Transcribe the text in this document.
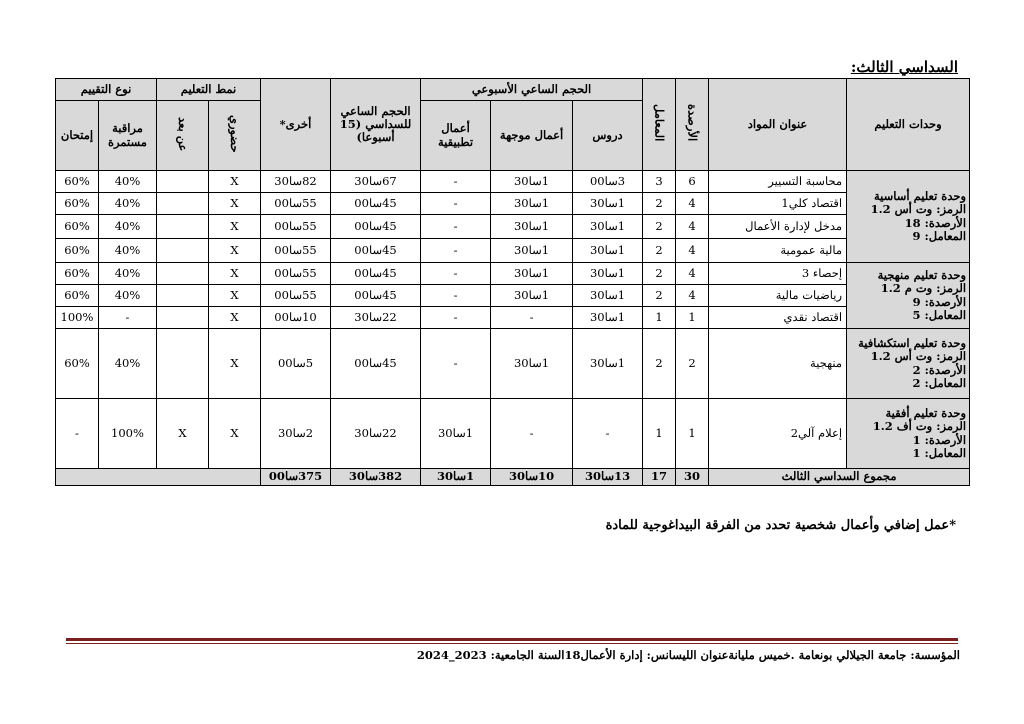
السداسي الثالث:
وحدات التعليم	عنوان المواد	الأرصدة	المعامل	الحجم الساعي الأسبوعي			الحجم الساعي للسداسي (15 أسبوعا)	أخرى*	نمط التعليم		نوع التقييم	
				دروس	أعمال موجهة	أعمال تطبيقية			حضوري	عن بعد	مراقبة مستمرة	إمتحان

وحدة تعليم أساسية
الرمز: وت أس 1.2
الأرصدة: 18
المعامل: 9	محاسبة التسيير	6	3	3سا00	1سا30	-	67سا30	82سا30	X		40%	60%
	اقتصاد كلي1	4	2	1سا30	1سا30	-	45سا00	55سا00	X		40%	60%
	مدخل لإدارة الأعمال	4	2	1سا30	1سا30	-	45سا00	55سا00	X		40%	60%
	مالية عمومية	4	2	1سا30	1سا30	-	45سا00	55سا00	X		40%	60%

وحدة تعليم منهجية
الرمز: وت م 1.2
الأرصدة: 9
المعامل: 5	إحصاء 3	4	2	1سا30	1سا30	-	45سا00	55سا00	X		40%	60%
	رياضيات مالية	4	2	1سا30	1سا30	-	45سا00	55سا00	X		40%	60%
	اقتصاد نقدي	1	1	1سا30	-	-	22سا30	10سا00	X		-	100%

وحدة تعليم استكشافية
الرمز: وت أس 1.2
الأرصدة: 2
المعامل: 2	منهجية	2	2	1سا30	1سا30	-	45سا00	5سا00	X		40%	60%

وحدة تعليم أفقية
الرمز: وت أف 1.2
الأرصدة: 1
المعامل: 1	إعلام آلي2	1	1	-	-	1سا30	22سا30	2سا30	X	X	100%	-
مجموع السداسي الثالث		30	17	13سا30	10سا30	1سا30	382سا30	375سا00				
*عمل إضافي وأعمال شخصية تحدد من الفرقة البيداغوجية للمادة
المؤسسة: جامعة الجيلالي بونعامة .خميس مليانةعنوان الليسانس: إدارة الأعمال18السنة الجامعية: 2023_2024
